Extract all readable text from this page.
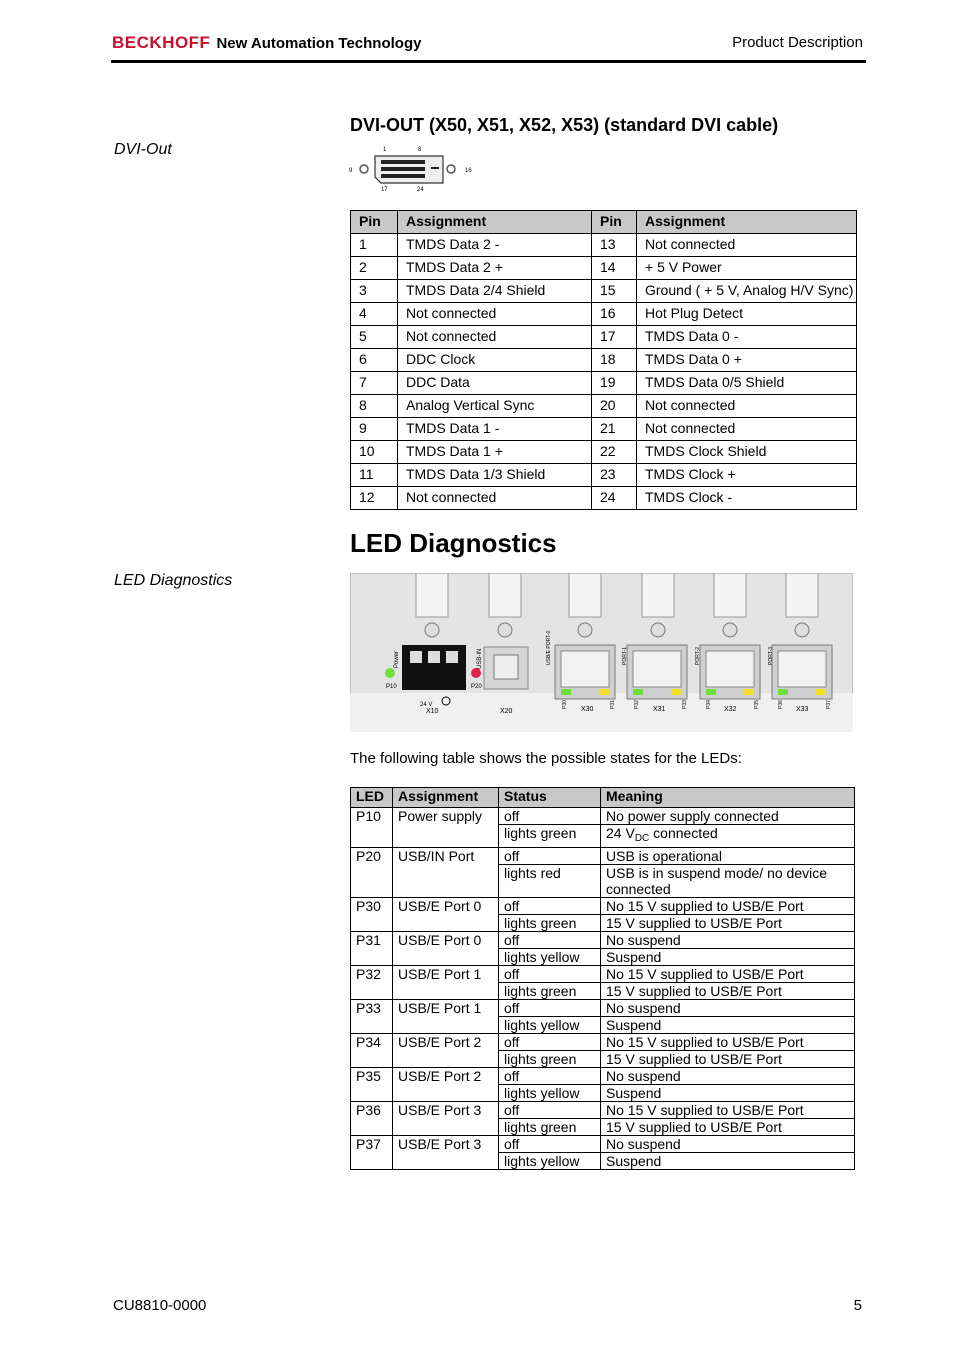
BECKHOFF New Automation Technology	Product Description
DVI-Out
DVI-OUT (X50, X51, X52, X53) (standard DVI cable)
1	8
9	16
17	24
Pin	Assignment	Pin	Assignment
1	TMDS Data 2 -	13	Not connected
2	TMDS Data 2 +	14	+ 5 V Power
3	TMDS Data 2/4 Shield	15	Ground ( + 5 V, Analog H/V Sync)
4	Not connected	16	Hot Plug Detect
5	Not connected	17	TMDS Data 0 -
6	DDC Clock	18	TMDS Data 0 +
7	DDC Data	19	TMDS Data 0/5 Shield
8	Analog Vertical Sync	20	Not connected
9	TMDS Data 1 -	21	Not connected
10	TMDS Data 1 +	22	TMDS Clock Shield
11	TMDS Data 1/3 Shield	23	TMDS Clock +
12	Not connected	24	TMDS Clock -
LED Diagnostics
LED Diagnostics
Power
P10
24 V
X10
P20
USB-IN
X20
USB/E PORT-0	PORT-1	PORT-2	PORT-3
X30	X31	X32	X33
P30	P31	P32	P33	P34	P35	P36	P37
The following table shows the possible states for the LEDs:
LED	Assignment	Status	Meaning
P10	Power supply	off	No power supply connected
		lights green	24 $V_{DC}$ connected
P20	USB/IN Port	off	USB is operational
		lights red	USB is in suspend mode/ no device connected
P30	USB/E Port 0	off	No 15 V supplied to USB/E Port
		lights green	15 V supplied to USB/E Port
P31	USB/E Port 0	off	No suspend
		lights yellow	Suspend
P32	USB/E Port 1	off	No 15 V supplied to USB/E Port
		lights green	15 V supplied to USB/E Port
P33	USB/E Port 1	off	No suspend
		lights yellow	Suspend
P34	USB/E Port 2	off	No 15 V supplied to USB/E Port
		lights green	15 V supplied to USB/E Port
P35	USB/E Port 2	off	No suspend
		lights yellow	Suspend
P36	USB/E Port 3	off	No 15 V supplied to USB/E Port
		lights green	15 V supplied to USB/E Port
P37	USB/E Port 3	off	No suspend
		lights yellow	Suspend
CU8810-0000	5
